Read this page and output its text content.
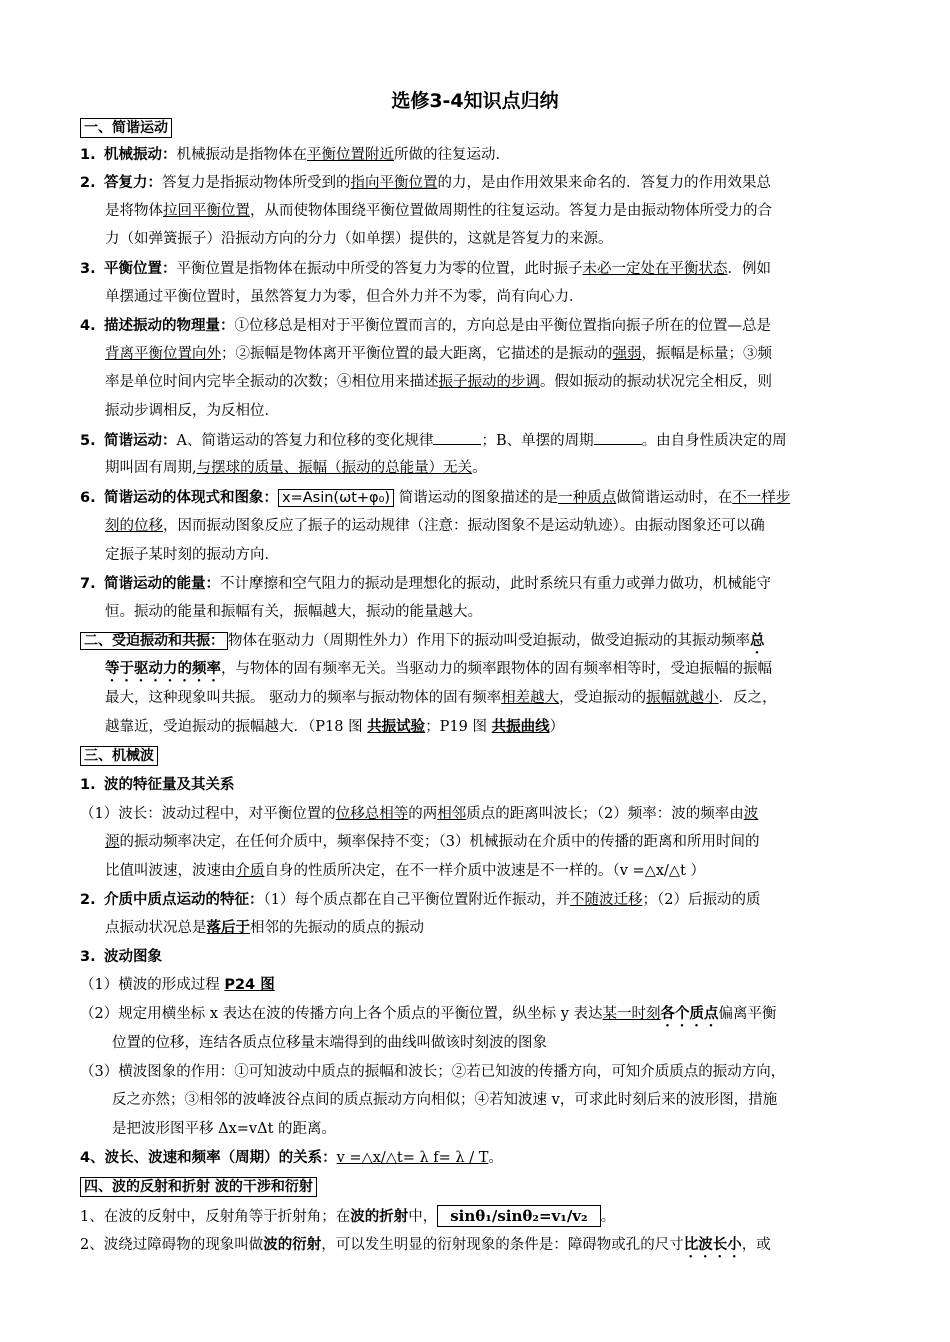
选修3-4知识点归纳
一、简谐运动
1. 机械振动：机械振动是指物体在平衡位置附近所做的往复运动．
2. 答复力：答复力是指振动物体所受到的指向平衡位置的力，是由作用效果来命名的．答复力的作用效果总
是将物体拉回平衡位置，从而使物体围绕平衡位置做周期性的往复运动。答复力是由振动物体所受力的合
力（如弹簧振子）沿振动方向的分力（如单摆）提供的，这就是答复力的来源。
3. 平衡位置：平衡位置是指物体在振动中所受的答复力为零的位置，此时振子未必一定处在平衡状态．例如
单摆通过平衡位置时，虽然答复力为零，但合外力并不为零，尚有向心力．
4. 描述振动的物理量：①位移总是相对于平衡位置而言的，方向总是由平衡位置指向振子所在的位置—总是
背离平衡位置向外；②振幅是物体离开平衡位置的最大距离，它描述的是振动的强弱，振幅是标量；③频
率是单位时间内完毕全振动的次数；④相位用来描述振子振动的步调。假如振动的振动状况完全相反，则
振动步调相反，为反相位．
5. 简谐运动：A、简谐运动的答复力和位移的变化规律	；B、单摆的周期	。由自身性质决定的周
期叫固有周期,与摆球的质量、振幅（振动的总能量）无关。
6. 简谐运动的体现式和图象： x=Asin(ωt+φ₀) 简谐运动的图象描述的是一种质点做简谐运动时，在不一样步
刻的位移，因而振动图象反应了振子的运动规律（注意：振动图象不是运动轨迹）。由振动图象还可以确
定振子某时刻的振动方向．
7. 简谐运动的能量：不计摩擦和空气阻力的振动是理想化的振动，此时系统只有重力或弹力做功，机械能守
恒。振动的能量和振幅有关，振幅越大，振动的能量越大。
二、受迫振动和共振： 物体在驱动力（周期性外力）作用下的振动叫受迫振动，做受迫振动的其振动频率总
等于驱动力的频率，与物体的固有频率无关。当驱动力的频率跟物体的固有频率相等时，受迫振幅的振幅
最大，这种现象叫共振。 驱动力的频率与振动物体的固有频率相差越大，受迫振动的振幅就越小．反之，
越靠近，受迫振动的振幅越大．（P18 图 共振试验；P19 图 共振曲线）
三、机械波
1. 波的特征量及其关系
（1）波长：波动过程中，对平衡位置的位移总相等的两相邻质点的距离叫波长；（2）频率：波的频率由波
源的振动频率决定，在任何介质中，频率保持不变；（3）机械振动在介质中的传播的距离和所用时间的
比值叫波速，波速由介质自身的性质所决定，在不一样介质中波速是不一样的。（v =△x/△t ）
2. 介质中质点运动的特征：（1）每个质点都在自己平衡位置附近作振动，并不随波迁移；（2）后振动的质
点振动状况总是落后于相邻的先振动的质点的振动
3. 波动图象
（1）横波的形成过程 P24 图
（2）规定用横坐标 x 表达在波的传播方向上各个质点的平衡位置，纵坐标 y 表达某一时刻各个质点偏离平衡
位置的位移，连结各质点位移量末端得到的曲线叫做该时刻波的图象
（3）横波图象的作用：①可知波动中质点的振幅和波长；②若已知波的传播方向，可知介质质点的振动方向，
反之亦然；③相邻的波峰波谷点间的质点振动方向相似；④若知波速 v，可求此时刻后来的波形图，措施
是把波形图平移 Δx=vΔt 的距离。
4、波长、波速和频率（周期）的关系：v =△x/△t= λ f= λ / T。
四、波的反射和折射 波的干涉和衍射
1、在波的反射中，反射角等于折射角；在波的折射中， sinθ₁/sinθ₂=v₁/v₂ 。
2、波绕过障碍物的现象叫做波的衍射，可以发生明显的衍射现象的条件是：障碍物或孔的尺寸比波长小，或
